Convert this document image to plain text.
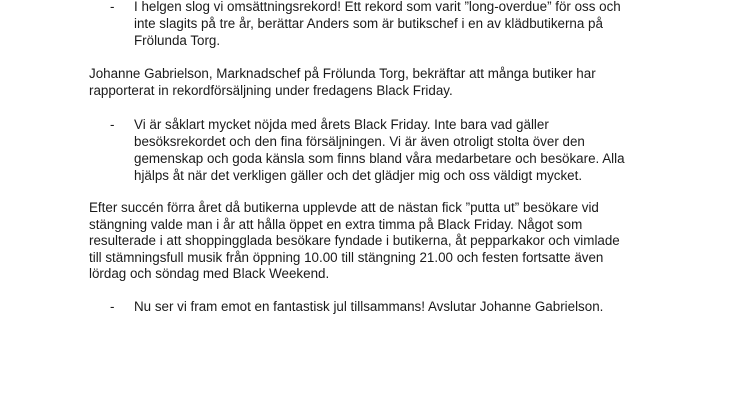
- I helgen slog vi omsättningsrekord! Ett rekord som varit ”long-overdue” för oss och
inte slagits på tre år, berättar Anders som är butikschef i en av klädbutikerna på
Frölunda Torg.
Johanne Gabrielson, Marknadschef på Frölunda Torg, bekräftar att många butiker har
rapporterat in rekordförsäljning under fredagens Black Friday.
- Vi är såklart mycket nöjda med årets Black Friday. Inte bara vad gäller
besöksrekordet och den fina försäljningen. Vi är även otroligt stolta över den
gemenskap och goda känsla som finns bland våra medarbetare och besökare. Alla
hjälps åt när det verkligen gäller och det glädjer mig och oss väldigt mycket.
Efter succén förra året då butikerna upplevde att de nästan fick ”putta ut” besökare vid
stängning valde man i år att hålla öppet en extra timma på Black Friday. Något som
resulterade i att shoppingglada besökare fyndade i butikerna, åt pepparkakor och vimlade
till stämningsfull musik från öppning 10.00 till stängning 21.00 och festen fortsatte även
lördag och söndag med Black Weekend.
- Nu ser vi fram emot en fantastisk jul tillsammans! Avslutar Johanne Gabrielson.
